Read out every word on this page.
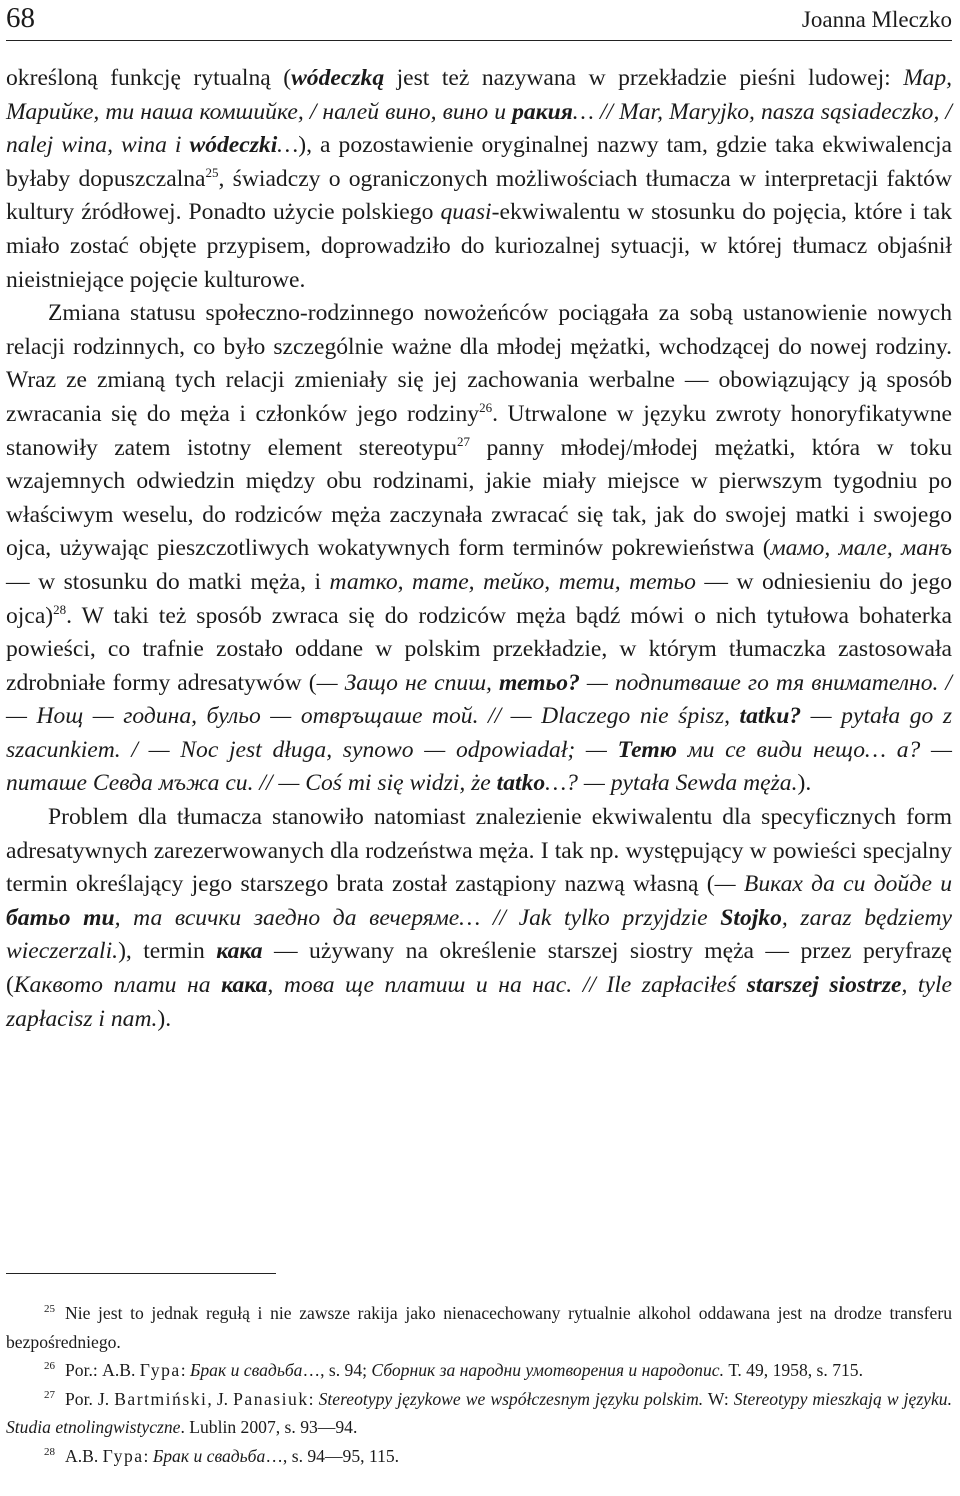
68	Joanna Mleczko

określoną funkcję rytualną (wódeczką jest też nazywana w przekładzie pieśni ludowej: Мар, Марийке, ти наша комшийке, / налей вино, вино и ракия… // Mar, Maryjko, nasza sąsiadeczko, / nalej wina, wina i wódeczki…), a pozostawienie oryginalnej nazwy tam, gdzie taka ekwiwalencja byłaby dopuszczalna$^{25}$, świadczy o ograniczonych możliwościach tłumacza w interpretacji faktów kultury źródłowej. Ponadto użycie polskiego quasi-ekwiwalentu w stosunku do pojęcia, które i tak miało zostać objęte przypisem, doprowadziło do kuriozalnej sytuacji, w której tłumacz objaśnił nieistniejące pojęcie kulturowe.

Zmiana statusu społeczno-rodzinnego nowożeńców pociągała za sobą ustanowienie nowych relacji rodzinnych, co było szczególnie ważne dla młodej mężatki, wchodzącej do nowej rodziny. Wraz ze zmianą tych relacji zmieniały się jej zachowania werbalne — obowiązujący ją sposób zwracania się do męża i członków jego rodziny$^{26}$. Utrwalone w języku zwroty honoryfikatywne stanowiły zatem istotny element stereotypu$^{27}$ panny młodej/młodej mężatki, która w toku wzajemnych odwiedzin między obu rodzinami, jakie miały miejsce w pierwszym tygodniu po właściwym weselu, do rodziców męża zaczynała zwracać się tak, jak do swojej matki i swojego ojca, używając pieszczotliwych wokatywnych form terminów pokrewieństwa (мамо, мале, манъ — w stosunku do matki męża, i татко, тате, тейко, тети, тетьо — w odniesieniu do jego ojca)$^{28}$. W taki też sposób zwraca się do rodziców męża bądź mówi o nich tytułowa bohaterka powieści, co trafnie zostało oddane w polskim przekładzie, w którym tłumaczka zastosowała zdrobniałe formy adresatywów (— Защо не спиш, тетьо? — подпитваше го тя внимателно. / — Нощ — година, бульо — отвръщаше той. // — Dlaczego nie śpisz, tatku? — pytała go z szacunkiem. / — Noc jest długa, synowo — odpowiadał; — Тетю ми се види нещо… а? — питаше Севда мъжа си. // — Coś mi się widzi, że tatko…? — pytała Sewda męża.).

Problem dla tłumacza stanowiło natomiast znalezienie ekwiwalentu dla specyficznych form adresatywnych zarezerwowanych dla rodzeństwa męża. I tak np. występujący w powieści specjalny termin określający jego starszego brata został zastąpiony nazwą własną (— Виках да си дойде и батьо ти, та всички заедно да вечеряме… // Jak tylko przyjdzie Stojko, zaraz będziemy wieczerzali.), termin кака — używany na określenie starszej siostry męża — przez peryfrazę (Каквото плати на кака, това ще платиш и на нас. // Ile zapłaciłeś starszej siostrze, tyle zapłacisz i nam.).

$^{25}$ Nie jest to jednak regułą i nie zawsze rakija jako nienacechowany rytualnie alkohol oddawana jest na drodze transferu bezpośredniego.

$^{26}$ Por.: А.В. Гура: Брак и свадьба…, s. 94; Сборник за народни умотворения и народопис. Т. 49, 1958, s. 715.

$^{27}$ Por. J. Bartmiński, J. Panasiuk: Stereotypy językowe we współczesnym języku polskim. W: Stereotypy mieszkają w języku. Studia etnolingwistyczne. Lublin 2007, s. 93—94.

$^{28}$ А.В. Гура: Брак и свадьба…, s. 94—95, 115.
